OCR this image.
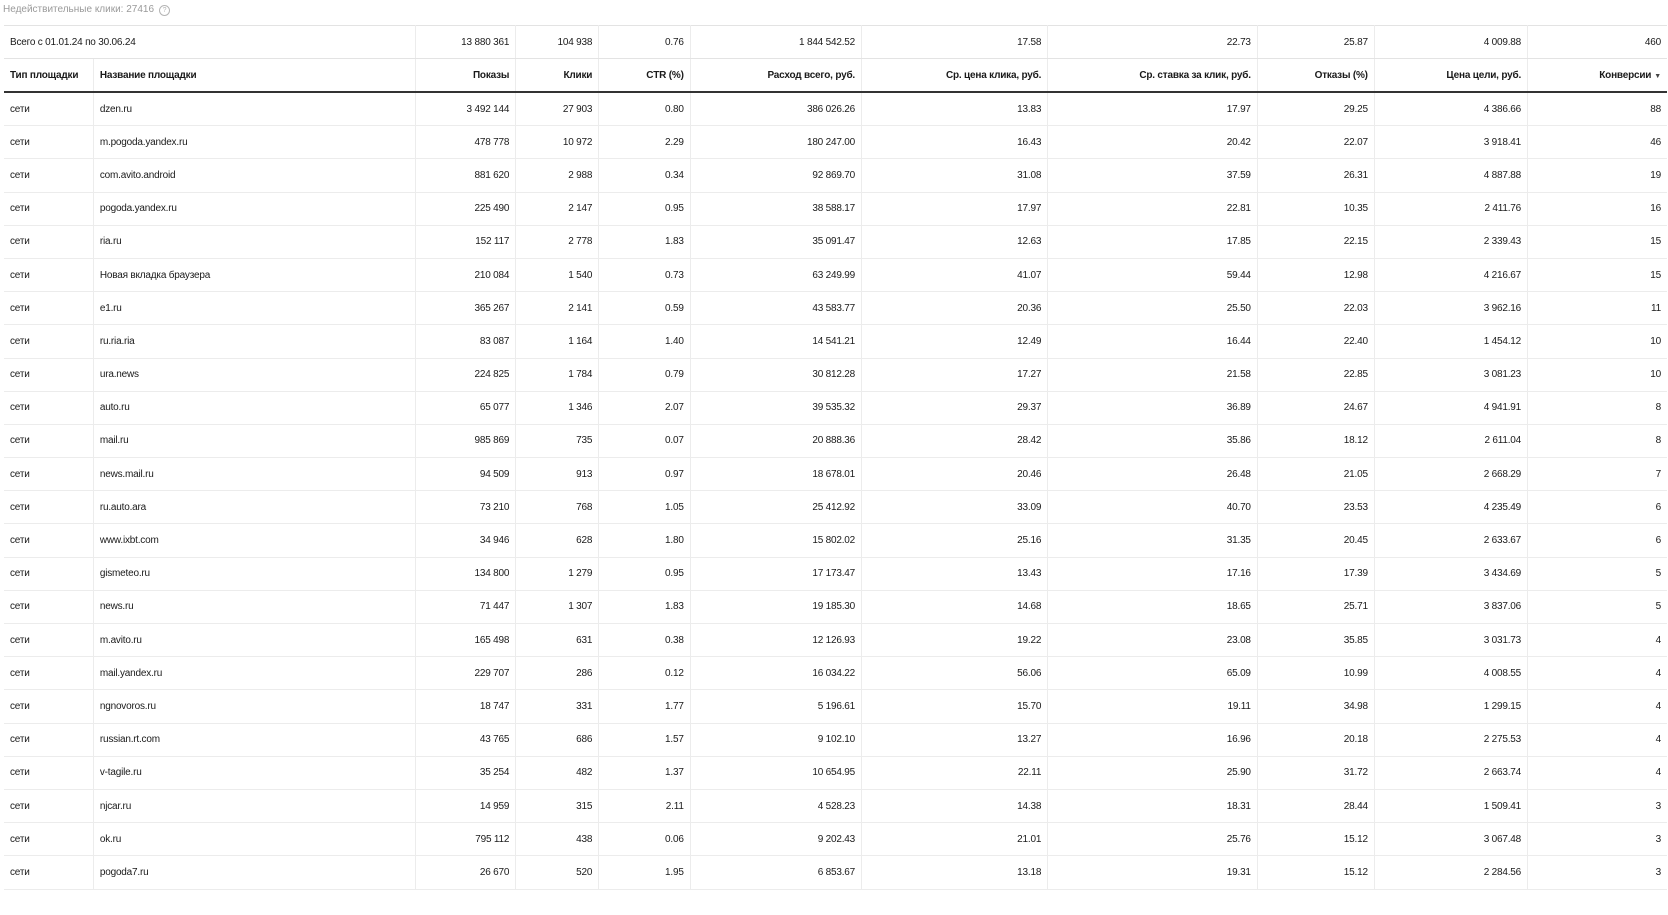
Недействительные клики: 27416	?
Всего с 01.01.24 по 30.06.24		13 880 361	104 938	0.76	1 844 542.52	17.58	22.73	25.87	4 009.88	460
Тип площадки	Название площадки	Показы	Клики	CTR (%)	Расход всего, руб.	Ср. цена клика, руб.	Ср. ставка за клик, руб.	Отказы (%)	Цена цели, руб.	Конверсии ▼
сети	dzen.ru	3 492 144	27 903	0.80	386 026.26	13.83	17.97	29.25	4 386.66	88
сети	m.pogoda.yandex.ru	478 778	10 972	2.29	180 247.00	16.43	20.42	22.07	3 918.41	46
сети	com.avito.android	881 620	2 988	0.34	92 869.70	31.08	37.59	26.31	4 887.88	19
сети	pogoda.yandex.ru	225 490	2 147	0.95	38 588.17	17.97	22.81	10.35	2 411.76	16
сети	ria.ru	152 117	2 778	1.83	35 091.47	12.63	17.85	22.15	2 339.43	15
сети	Новая вкладка браузера	210 084	1 540	0.73	63 249.99	41.07	59.44	12.98	4 216.67	15
сети	e1.ru	365 267	2 141	0.59	43 583.77	20.36	25.50	22.03	3 962.16	11
сети	ru.ria.ria	83 087	1 164	1.40	14 541.21	12.49	16.44	22.40	1 454.12	10
сети	ura.news	224 825	1 784	0.79	30 812.28	17.27	21.58	22.85	3 081.23	10
сети	auto.ru	65 077	1 346	2.07	39 535.32	29.37	36.89	24.67	4 941.91	8
сети	mail.ru	985 869	735	0.07	20 888.36	28.42	35.86	18.12	2 611.04	8
сети	news.mail.ru	94 509	913	0.97	18 678.01	20.46	26.48	21.05	2 668.29	7
сети	ru.auto.ara	73 210	768	1.05	25 412.92	33.09	40.70	23.53	4 235.49	6
сети	www.ixbt.com	34 946	628	1.80	15 802.02	25.16	31.35	20.45	2 633.67	6
сети	gismeteo.ru	134 800	1 279	0.95	17 173.47	13.43	17.16	17.39	3 434.69	5
сети	news.ru	71 447	1 307	1.83	19 185.30	14.68	18.65	25.71	3 837.06	5
сети	m.avito.ru	165 498	631	0.38	12 126.93	19.22	23.08	35.85	3 031.73	4
сети	mail.yandex.ru	229 707	286	0.12	16 034.22	56.06	65.09	10.99	4 008.55	4
сети	ngnovoros.ru	18 747	331	1.77	5 196.61	15.70	19.11	34.98	1 299.15	4
сети	russian.rt.com	43 765	686	1.57	9 102.10	13.27	16.96	20.18	2 275.53	4
сети	v-tagile.ru	35 254	482	1.37	10 654.95	22.11	25.90	31.72	2 663.74	4
сети	njcar.ru	14 959	315	2.11	4 528.23	14.38	18.31	28.44	1 509.41	3
сети	ok.ru	795 112	438	0.06	9 202.43	21.01	25.76	15.12	3 067.48	3
сети	pogoda7.ru	26 670	520	1.95	6 853.67	13.18	19.31	15.12	2 284.56	3
